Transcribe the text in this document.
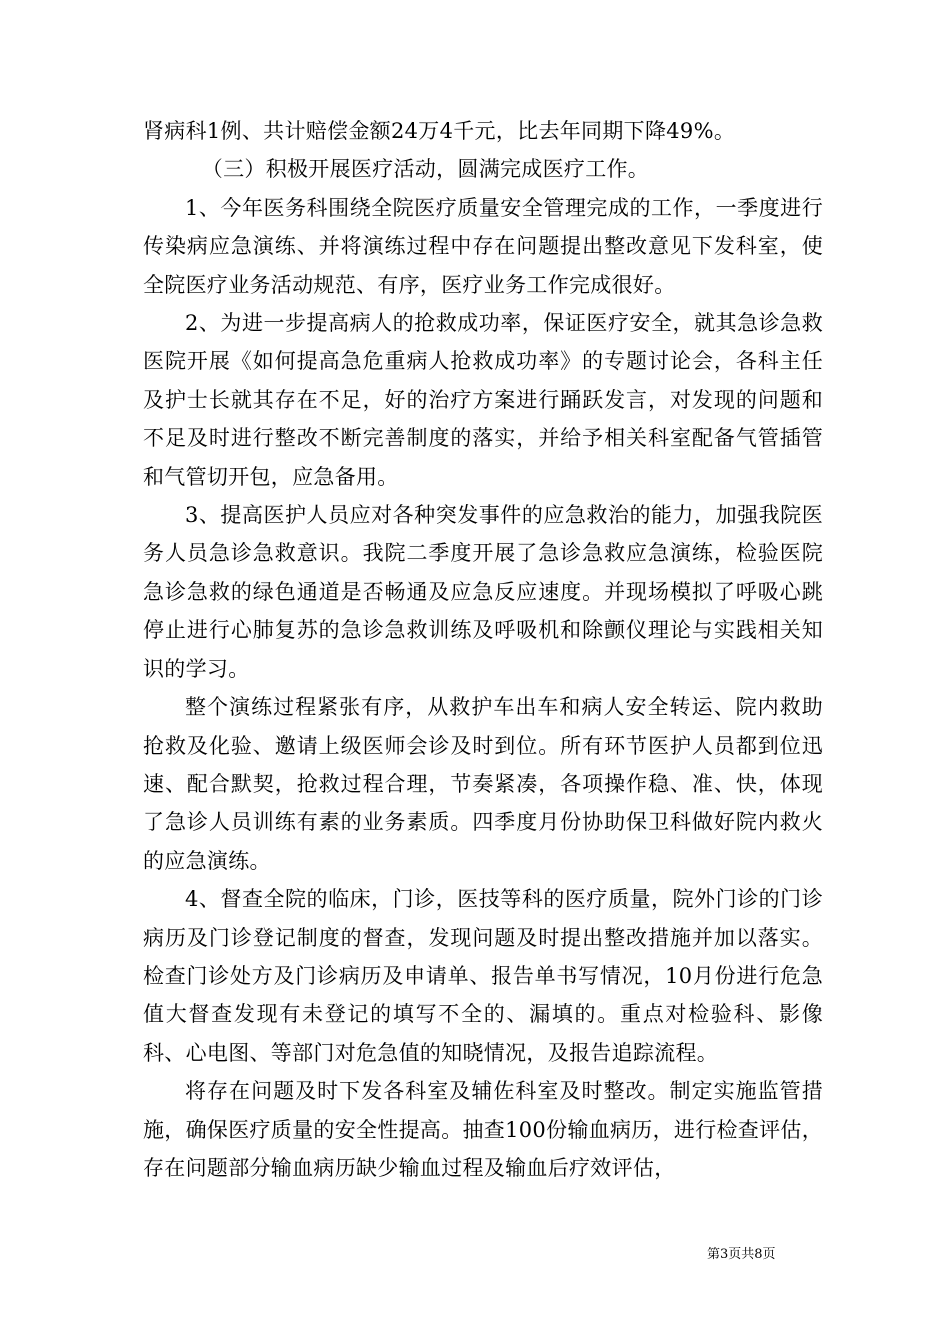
肾病科1例、共计赔偿金额24万4千元，比去年同期下降49%。

（三）积极开展医疗活动，圆满完成医疗工作。

1、今年医务科围绕全院医疗质量安全管理完成的工作，一季度进行传染病应急演练、并将演练过程中存在问题提出整改意见下发科室，使全院医疗业务活动规范、有序，医疗业务工作完成很好。

2、为进一步提高病人的抢救成功率，保证医疗安全，就其急诊急救医院开展《如何提高急危重病人抢救成功率》的专题讨论会，各科主任及护士长就其存在不足，好的治疗方案进行踊跃发言，对发现的问题和不足及时进行整改不断完善制度的落实，并给予相关科室配备气管插管和气管切开包，应急备用。

3、提高医护人员应对各种突发事件的应急救治的能力，加强我院医务人员急诊急救意识。我院二季度开展了急诊急救应急演练，检验医院急诊急救的绿色通道是否畅通及应急反应速度。并现场模拟了呼吸心跳停止进行心肺复苏的急诊急救训练及呼吸机和除颤仪理论与实践相关知识的学习。

整个演练过程紧张有序，从救护车出车和病人安全转运、院内救助抢救及化验、邀请上级医师会诊及时到位。所有环节医护人员都到位迅速、配合默契，抢救过程合理，节奏紧凑，各项操作稳、准、快，体现了急诊人员训练有素的业务素质。四季度月份协助保卫科做好院内救火的应急演练。

4、督查全院的临床，门诊，医技等科的医疗质量，院外门诊的门诊病历及门诊登记制度的督查，发现问题及时提出整改措施并加以落实。检查门诊处方及门诊病历及申请单、报告单书写情况，10月份进行危急值大督查发现有未登记的填写不全的、漏填的。重点对检验科、影像科、心电图、等部门对危急值的知晓情况，及报告追踪流程。

将存在问题及时下发各科室及辅佐科室及时整改。制定实施监管措施，确保医疗质量的安全性提高。抽查100份输血病历，进行检查评估，存在问题部分输血病历缺少输血过程及输血后疗效评估，

第3页共8页
